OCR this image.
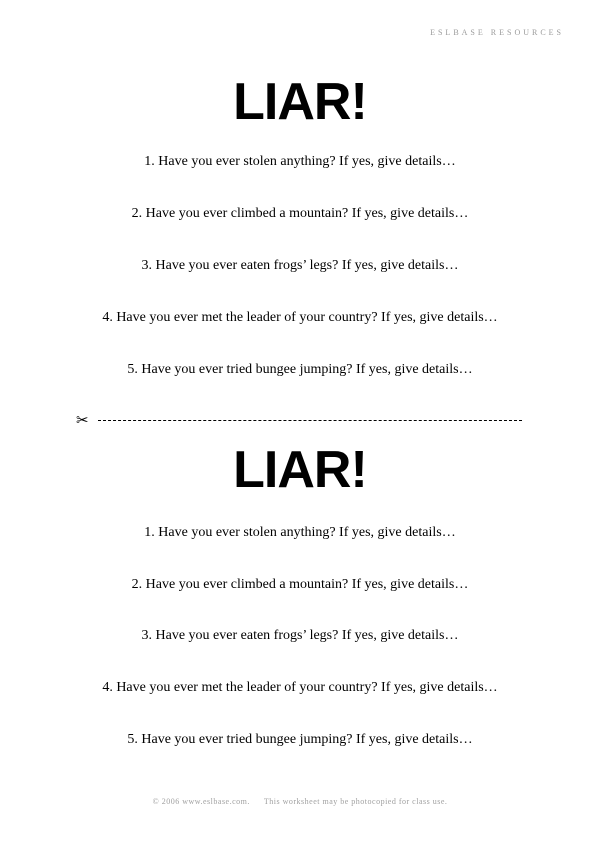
ESLBASE RESOURCES
LIAR!
1. Have you ever stolen anything? If yes, give details…
2. Have you ever climbed a mountain? If yes, give details…
3. Have you ever eaten frogs’ legs? If yes, give details…
4. Have you ever met the leader of your country? If yes, give details…
5. Have you ever tried bungee jumping? If yes, give details…
✂
LIAR!
1. Have you ever stolen anything? If yes, give details…
2. Have you ever climbed a mountain? If yes, give details…
3. Have you ever eaten frogs’ legs? If yes, give details…
4. Have you ever met the leader of your country? If yes, give details…
5. Have you ever tried bungee jumping? If yes, give details…
© 2006 www.eslbase.com. This worksheet may be photocopied for class use.
